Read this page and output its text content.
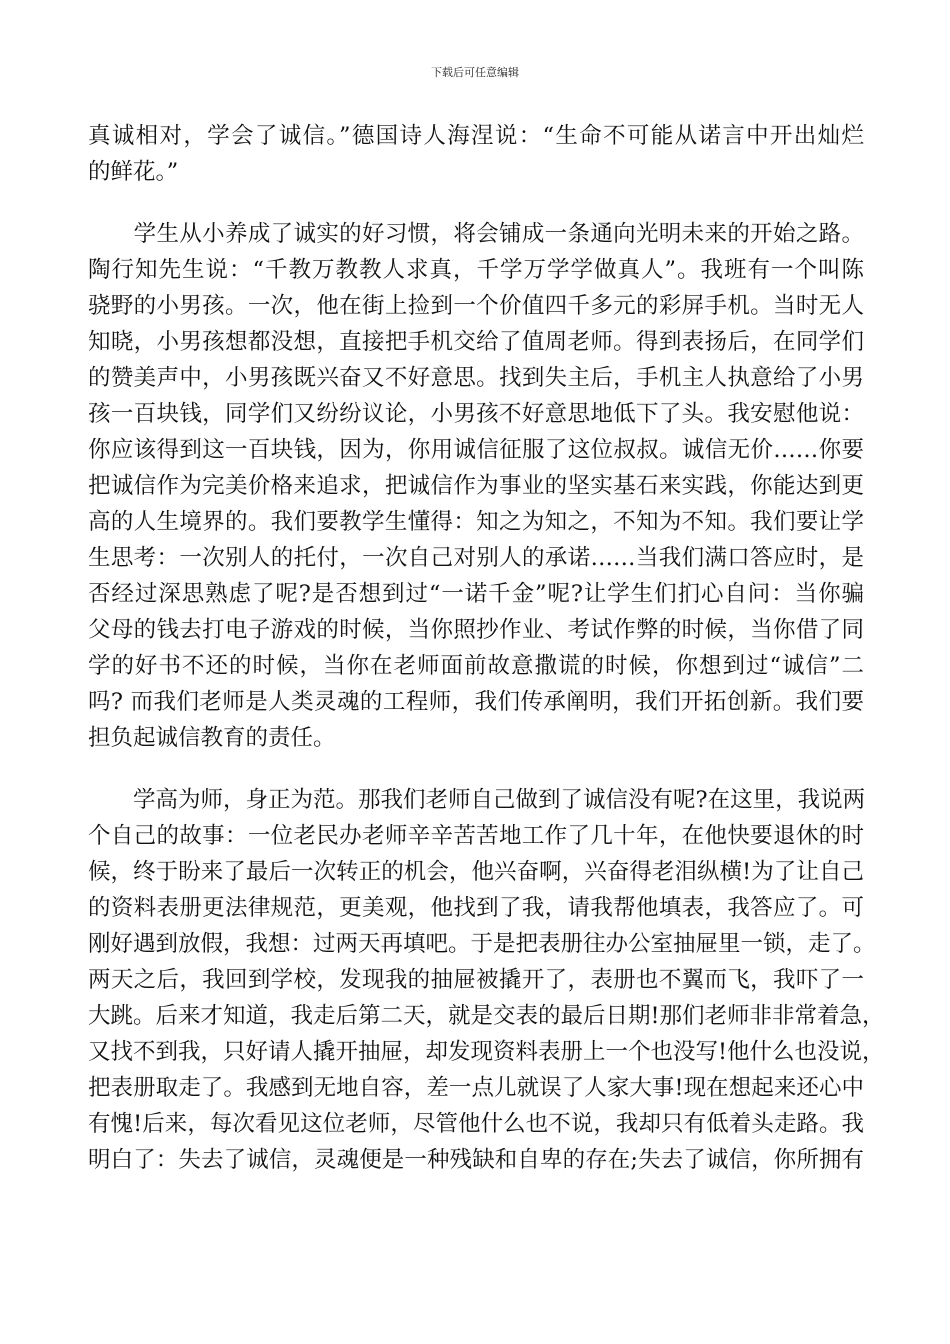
下载后可任意编辑
真诚相对，学会了诚信。”德国诗人海涅说：“生命不可能从诺言中开出灿烂
的鲜花。”
　　学生从小养成了诚实的好习惯，将会铺成一条通向光明未来的开始之路。
陶行知先生说：“千教万教教人求真，千学万学学做真人”。我班有一个叫陈
骁野的小男孩。一次，他在街上捡到一个价值四千多元的彩屏手机。当时无人
知晓，小男孩想都没想，直接把手机交给了值周老师。得到表扬后，在同学们
的赞美声中，小男孩既兴奋又不好意思。找到失主后，手机主人执意给了小男
孩一百块钱，同学们又纷纷议论，小男孩不好意思地低下了头。我安慰他说：
你应该得到这一百块钱，因为，你用诚信征服了这位叔叔。诚信无价……你要
把诚信作为完美价格来追求，把诚信作为事业的坚实基石来实践，你能达到更
高的人生境界的。我们要教学生懂得：知之为知之，不知为不知。我们要让学
生思考：一次别人的托付，一次自己对别人的承诺……当我们满口答应时，是
否经过深思熟虑了呢?是否想到过“一诺千金”呢?让学生们扪心自问：当你骗
父母的钱去打电子游戏的时候，当你照抄作业、考试作弊的时候，当你借了同
学的好书不还的时候，当你在老师面前故意撒谎的时候，你想到过“诚信”二
吗? 而我们老师是人类灵魂的工程师，我们传承阐明，我们开拓创新。我们要
担负起诚信教育的责任。
　　学高为师，身正为范。那我们老师自己做到了诚信没有呢?在这里，我说两
个自己的故事：一位老民办老师辛辛苦苦地工作了几十年，在他快要退休的时
候，终于盼来了最后一次转正的机会，他兴奋啊，兴奋得老泪纵横!为了让自己
的资料表册更法律规范，更美观，他找到了我，请我帮他填表，我答应了。可
刚好遇到放假，我想：过两天再填吧。于是把表册往办公室抽屉里一锁，走了。
两天之后，我回到学校，发现我的抽屉被撬开了，表册也不翼而飞，我吓了一
大跳。后来才知道，我走后第二天，就是交表的最后日期!那们老师非非常着急，
又找不到我，只好请人撬开抽屉，却发现资料表册上一个也没写!他什么也没说，
把表册取走了。我感到无地自容，差一点儿就误了人家大事!现在想起来还心中
有愧!后来，每次看见这位老师，尽管他什么也不说，我却只有低着头走路。我
明白了：失去了诚信，灵魂便是一种残缺和自卑的存在;失去了诚信，你所拥有
